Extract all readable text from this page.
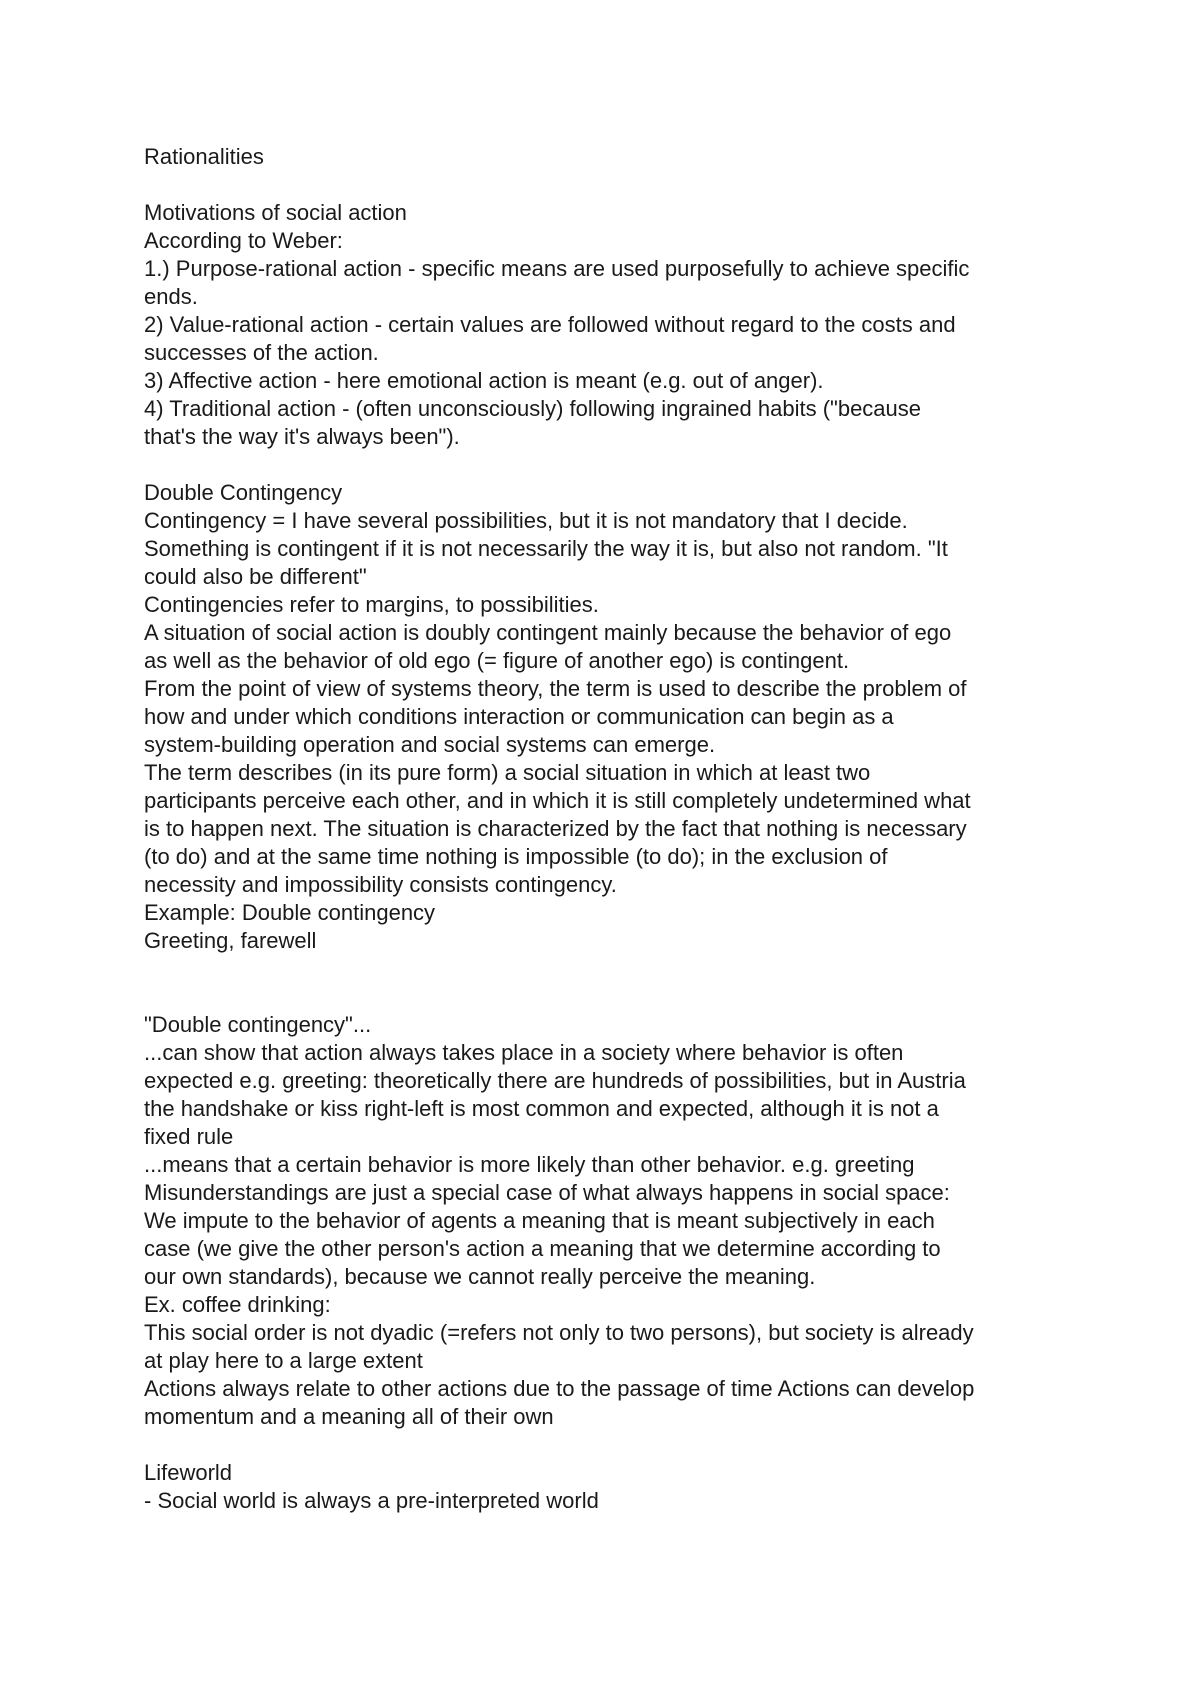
Rationalities
Motivations of social action
According to Weber:
1.) Purpose-rational action - specific means are used purposefully to achieve specific
ends.
2) Value-rational action - certain values are followed without regard to the costs and
successes of the action.
3) Affective action - here emotional action is meant (e.g. out of anger).
4) Traditional action - (often unconsciously) following ingrained habits ("because
that's the way it's always been").
Double Contingency
Contingency = I have several possibilities, but it is not mandatory that I decide.
Something is contingent if it is not necessarily the way it is, but also not random. "It
could also be different"
Contingencies refer to margins, to possibilities.
A situation of social action is doubly contingent mainly because the behavior of ego
as well as the behavior of old ego (= figure of another ego) is contingent.
From the point of view of systems theory, the term is used to describe the problem of
how and under which conditions interaction or communication can begin as a
system-building operation and social systems can emerge.
The term describes (in its pure form) a social situation in which at least two
participants perceive each other, and in which it is still completely undetermined what
is to happen next. The situation is characterized by the fact that nothing is necessary
(to do) and at the same time nothing is impossible (to do); in the exclusion of
necessity and impossibility consists contingency.
Example: Double contingency
Greeting, farewell
"Double contingency"...
...can show that action always takes place in a society where behavior is often
expected e.g. greeting: theoretically there are hundreds of possibilities, but in Austria
the handshake or kiss right-left is most common and expected, although it is not a
fixed rule
...means that a certain behavior is more likely than other behavior. e.g. greeting
Misunderstandings are just a special case of what always happens in social space:
We impute to the behavior of agents a meaning that is meant subjectively in each
case (we give the other person's action a meaning that we determine according to
our own standards), because we cannot really perceive the meaning.
Ex. coffee drinking:
This social order is not dyadic (=refers not only to two persons), but society is already
at play here to a large extent
Actions always relate to other actions due to the passage of time Actions can develop
momentum and a meaning all of their own
Lifeworld
- Social world is always a pre-interpreted world
